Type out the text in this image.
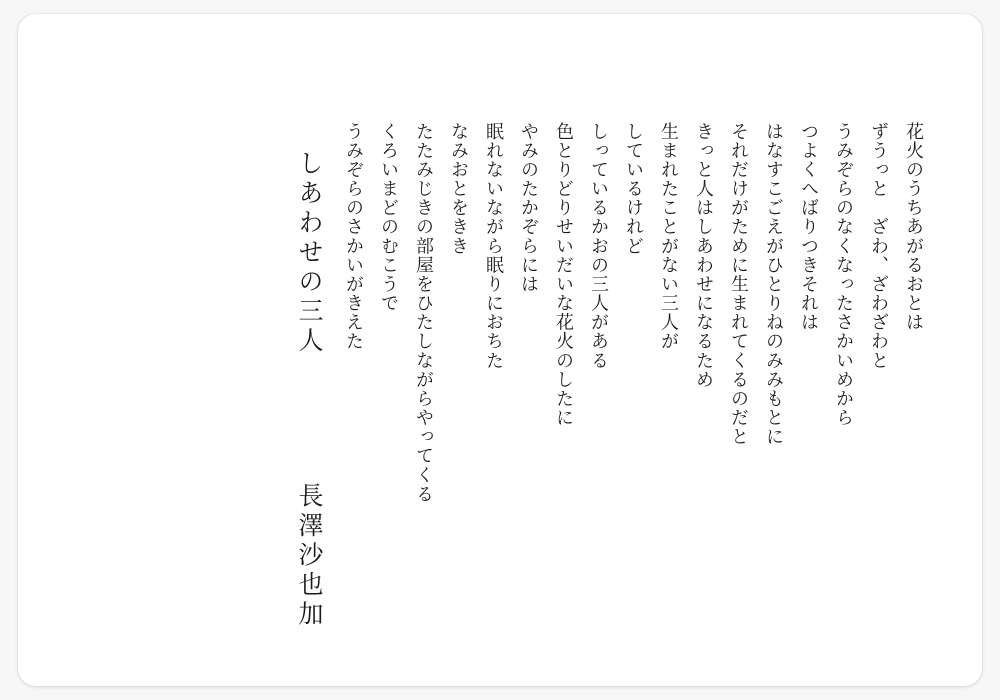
しあわせの三人 　　 長澤沙也加
うみぞらのさかいがきえた くろいまどのむこうで たたみじきの部屋をひたしながらやってくる なみおとをきき 眠れないながら眠りにおちた やみのたかぞらには 色とりどりせいだいな花火のしたに しっているかおの三人がある しているけれど 生まれたことがない三人が きっと人はしあわせになるため それだけがために生まれてくるのだと はなすこごえがひとりねのみみもとに つよくへばりつきそれは うみぞらのなくなったさかいめから ずうっと　ざわ、ざわざわと 花火のうちあがるおとは
